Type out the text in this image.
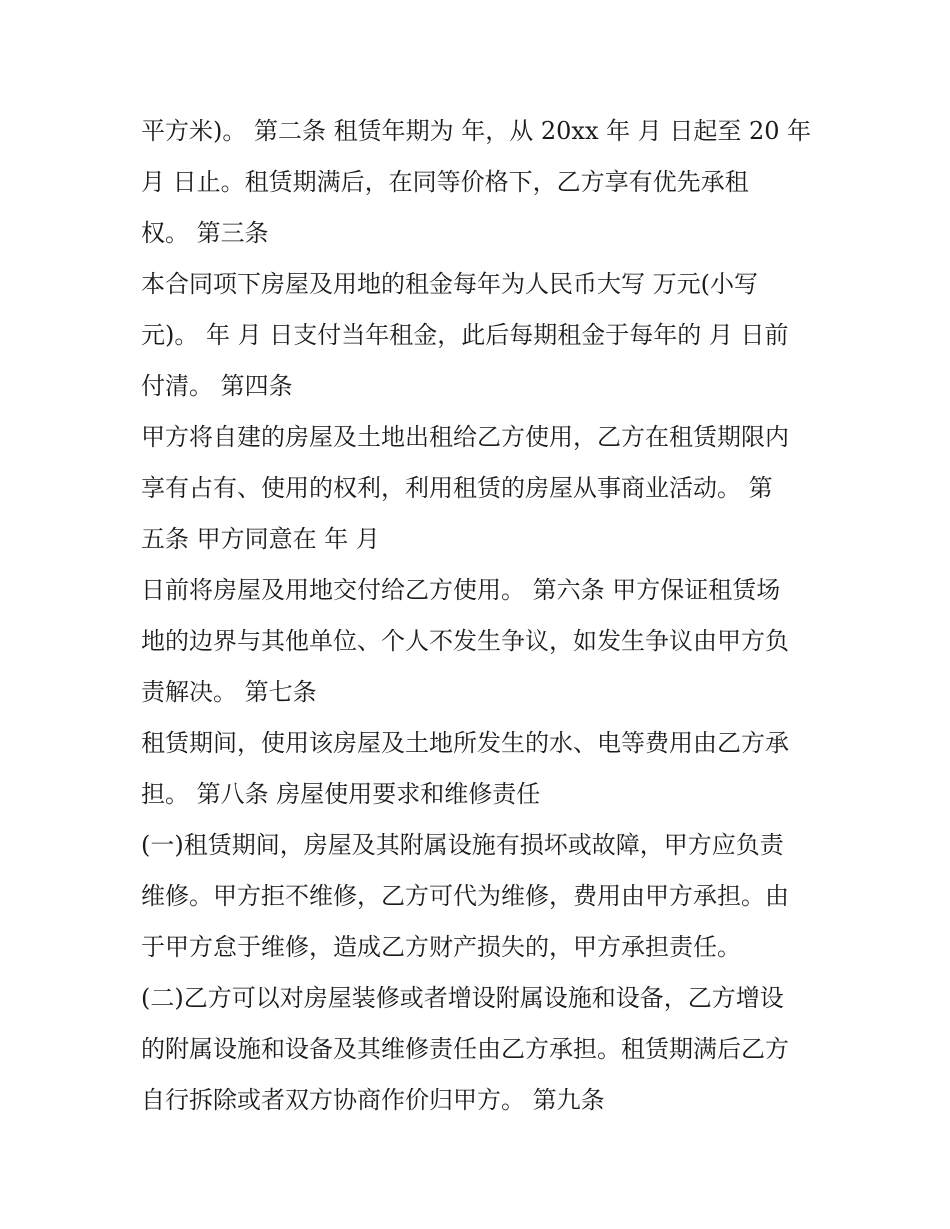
平方米)。 第二条 租赁年期为 年，从 20xx 年 月 日起至 20 年
月 日止。租赁期满后，在同等价格下，乙方享有优先承租
权。 第三条
本合同项下房屋及用地的租金每年为人民币大写 万元(小写
元)。 年 月 日支付当年租金，此后每期租金于每年的 月 日前
付清。 第四条
甲方将自建的房屋及土地出租给乙方使用，乙方在租赁期限内
享有占有、使用的权利，利用租赁的房屋从事商业活动。 第
五条 甲方同意在 年 月
日前将房屋及用地交付给乙方使用。 第六条 甲方保证租赁场
地的边界与其他单位、个人不发生争议，如发生争议由甲方负
责解决。 第七条
租赁期间，使用该房屋及土地所发生的水、电等费用由乙方承
担。 第八条 房屋使用要求和维修责任
(一)租赁期间，房屋及其附属设施有损坏或故障，甲方应负责
维修。甲方拒不维修，乙方可代为维修，费用由甲方承担。由
于甲方怠于维修，造成乙方财产损失的，甲方承担责任。
(二)乙方可以对房屋装修或者增设附属设施和设备，乙方增设
的附属设施和设备及其维修责任由乙方承担。租赁期满后乙方
自行拆除或者双方协商作价归甲方。 第九条
